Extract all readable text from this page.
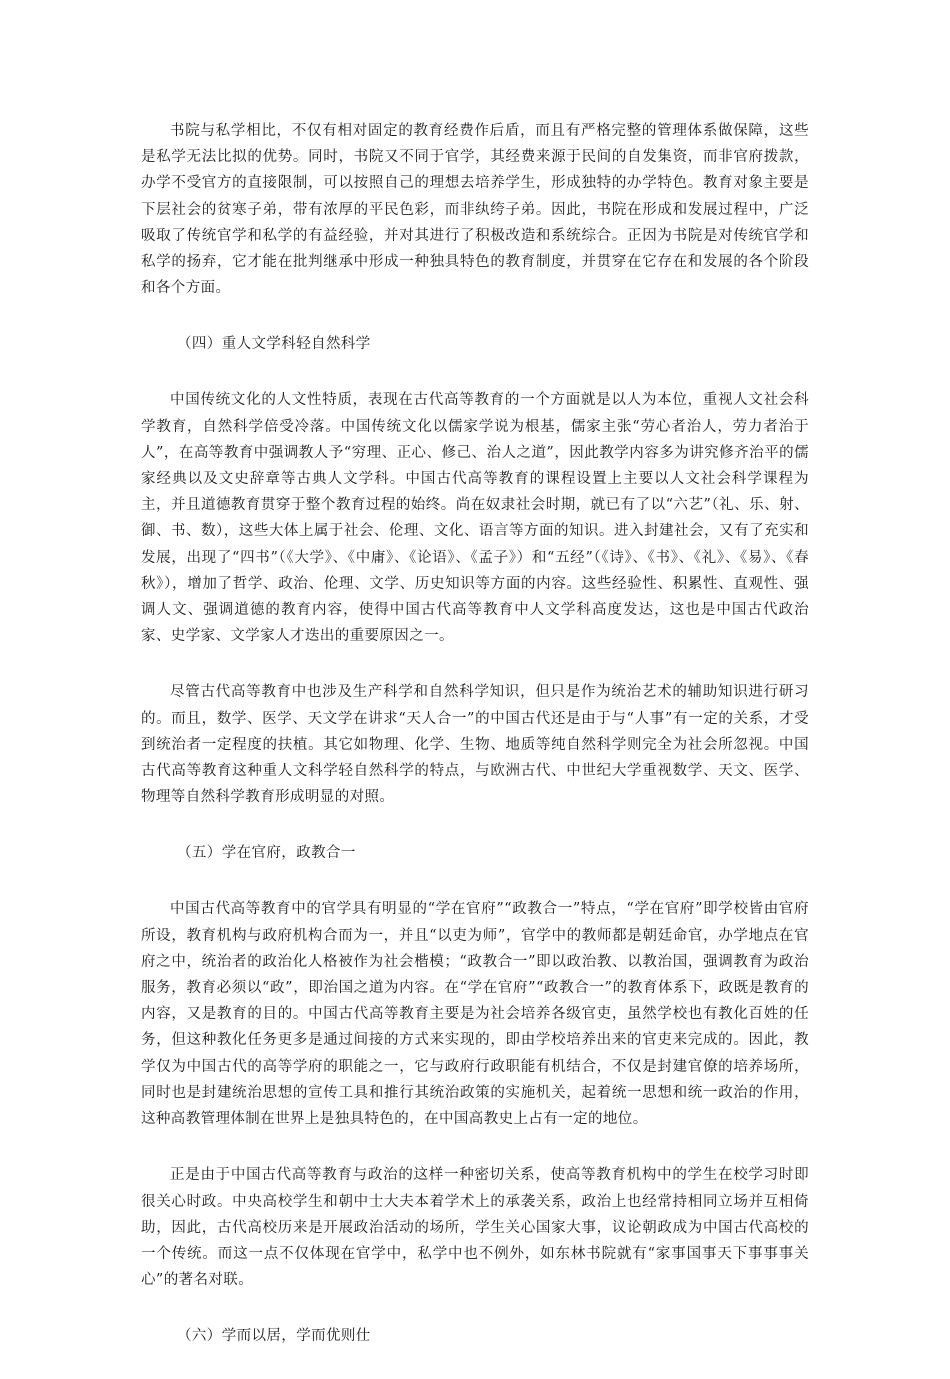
书院与私学相比，不仅有相对固定的教育经费作后盾，而且有严格完整的管理体系做保障，这些是私学无法比拟的优势。同时，书院又不同于官学，其经费来源于民间的自发集资，而非官府拨款，办学不受官方的直接限制，可以按照自己的理想去培养学生，形成独特的办学特色。教育对象主要是下层社会的贫寒子弟，带有浓厚的平民色彩，而非纨绔子弟。因此，书院在形成和发展过程中，广泛吸取了传统官学和私学的有益经验，并对其进行了积极改造和系统综合。正因为书院是对传统官学和私学的扬弃，它才能在批判继承中形成一种独具特色的教育制度，并贯穿在它存在和发展的各个阶段和各个方面。

（四）重人文学科轻自然科学

中国传统文化的人文性特质，表现在古代高等教育的一个方面就是以人为本位，重视人文社会科学教育，自然科学倍受冷落。中国传统文化以儒家学说为根基，儒家主张“劳心者治人，劳力者治于人”，在高等教育中强调教人予“穷理、正心、修己、治人之道”，因此教学内容多为讲究修齐治平的儒家经典以及文史辞章等古典人文学科。中国古代高等教育的课程设置上主要以人文社会科学课程为主，并且道德教育贯穿于整个教育过程的始终。尚在奴隶社会时期，就已有了以“六艺”（礼、乐、射、御、书、数），这些大体上属于社会、伦理、文化、语言等方面的知识。进入封建社会，又有了充实和发展，出现了“四书”（《大学》、《中庸》、《论语》、《孟子》）和“五经”（《诗》、《书》、《礼》、《易》、《春秋》），增加了哲学、政治、伦理、文学、历史知识等方面的内容。这些经验性、积累性、直观性、强调人文、强调道德的教育内容，使得中国古代高等教育中人文学科高度发达，这也是中国古代政治家、史学家、文学家人才迭出的重要原因之一。

尽管古代高等教育中也涉及生产科学和自然科学知识，但只是作为统治艺术的辅助知识进行研习的。而且，数学、医学、天文学在讲求“天人合一”的中国古代还是由于与“人事”有一定的关系，才受到统治者一定程度的扶植。其它如物理、化学、生物、地质等纯自然科学则完全为社会所忽视。中国古代高等教育这种重人文科学轻自然科学的特点，与欧洲古代、中世纪大学重视数学、天文、医学、物理等自然科学教育形成明显的对照。

（五）学在官府，政教合一

中国古代高等教育中的官学具有明显的“学在官府”“政教合一”特点，“学在官府”即学校皆由官府所设，教育机构与政府机构合而为一，并且“以吏为师”，官学中的教师都是朝廷命官，办学地点在官府之中，统治者的政治化人格被作为社会楷模；“政教合一”即以政治教、以教治国，强调教育为政治服务，教育必须以“政”，即治国之道为内容。在“学在官府”“政教合一”的教育体系下，政既是教育的内容，又是教育的目的。中国古代高等教育主要是为社会培养各级官吏，虽然学校也有教化百姓的任务，但这种教化任务更多是通过间接的方式来实现的，即由学校培养出来的官吏来完成的。因此，教学仅为中国古代的高等学府的职能之一，它与政府行政职能有机结合，不仅是封建官僚的培养场所，同时也是封建统治思想的宣传工具和推行其统治政策的实施机关，起着统一思想和统一政治的作用，这种高教管理体制在世界上是独具特色的，在中国高教史上占有一定的地位。

正是由于中国古代高等教育与政治的这样一种密切关系，使高等教育机构中的学生在校学习时即很关心时政。中央高校学生和朝中士大夫本着学术上的承袭关系，政治上也经常持相同立场并互相倚助，因此，古代高校历来是开展政治活动的场所，学生关心国家大事，议论朝政成为中国古代高校的一个传统。而这一点不仅体现在官学中，私学中也不例外，如东林书院就有“家事国事天下事事事关心”的著名对联。

（六）学而以居，学而优则仕
